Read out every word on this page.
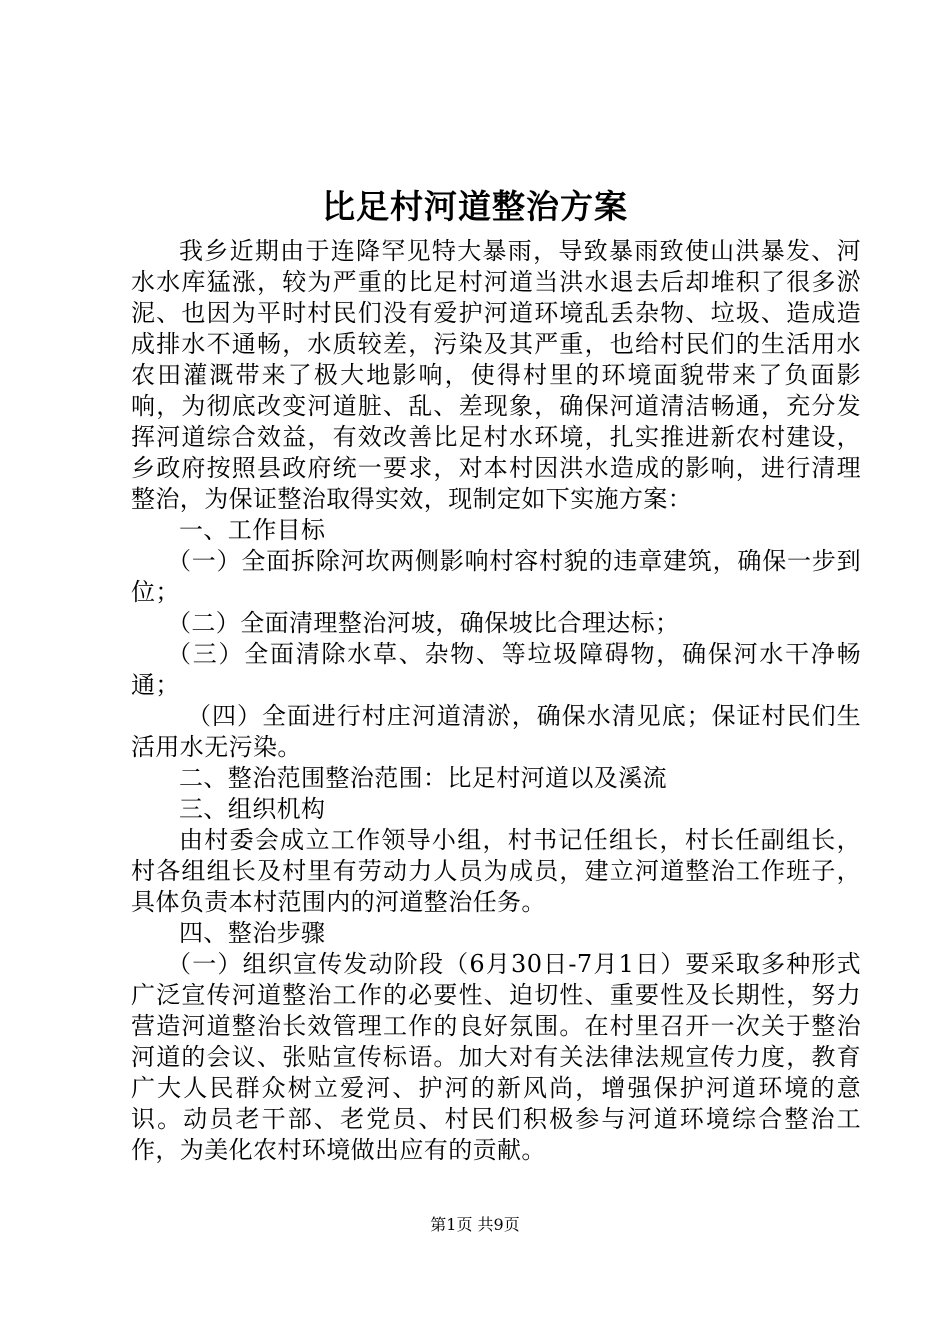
比足村河道整治方案

我乡近期由于连降罕见特大暴雨，导致暴雨致使山洪暴发、河水水库猛涨，较为严重的比足村河道当洪水退去后却堆积了很多淤泥、也因为平时村民们没有爱护河道环境乱丢杂物、垃圾、造成造成排水不通畅，水质较差，污染及其严重，也给村民们的生活用水农田灌溉带来了极大地影响，使得村里的环境面貌带来了负面影响，为彻底改变河道脏、乱、差现象，确保河道清洁畅通，充分发挥河道综合效益，有效改善比足村水环境，扎实推进新农村建设，乡政府按照县政府统一要求，对本村因洪水造成的影响，进行清理整治，为保证整治取得实效，现制定如下实施方案：

一、工作目标

（一）全面拆除河坎两侧影响村容村貌的违章建筑，确保一步到位；

（二）全面清理整治河坡，确保坡比合理达标；

（三）全面清除水草、杂物、等垃圾障碍物，确保河水干净畅通；

（四）全面进行村庄河道清淤，确保水清见底；保证村民们生活用水无污染。

二、整治范围整治范围：比足村河道以及溪流

三、组织机构

由村委会成立工作领导小组，村书记任组长，村长任副组长，村各组组长及村里有劳动力人员为成员，建立河道整治工作班子，具体负责本村范围内的河道整治任务。

四、整治步骤

（一）组织宣传发动阶段（6月30日-7月1日）要采取多种形式广泛宣传河道整治工作的必要性、迫切性、重要性及长期性，努力营造河道整治长效管理工作的良好氛围。在村里召开一次关于整治河道的会议、张贴宣传标语。加大对有关法律法规宣传力度，教育广大人民群众树立爱河、护河的新风尚，增强保护河道环境的意识。动员老干部、老党员、村民们积极参与河道环境综合整治工作，为美化农村环境做出应有的贡献。

第1页 共9页
